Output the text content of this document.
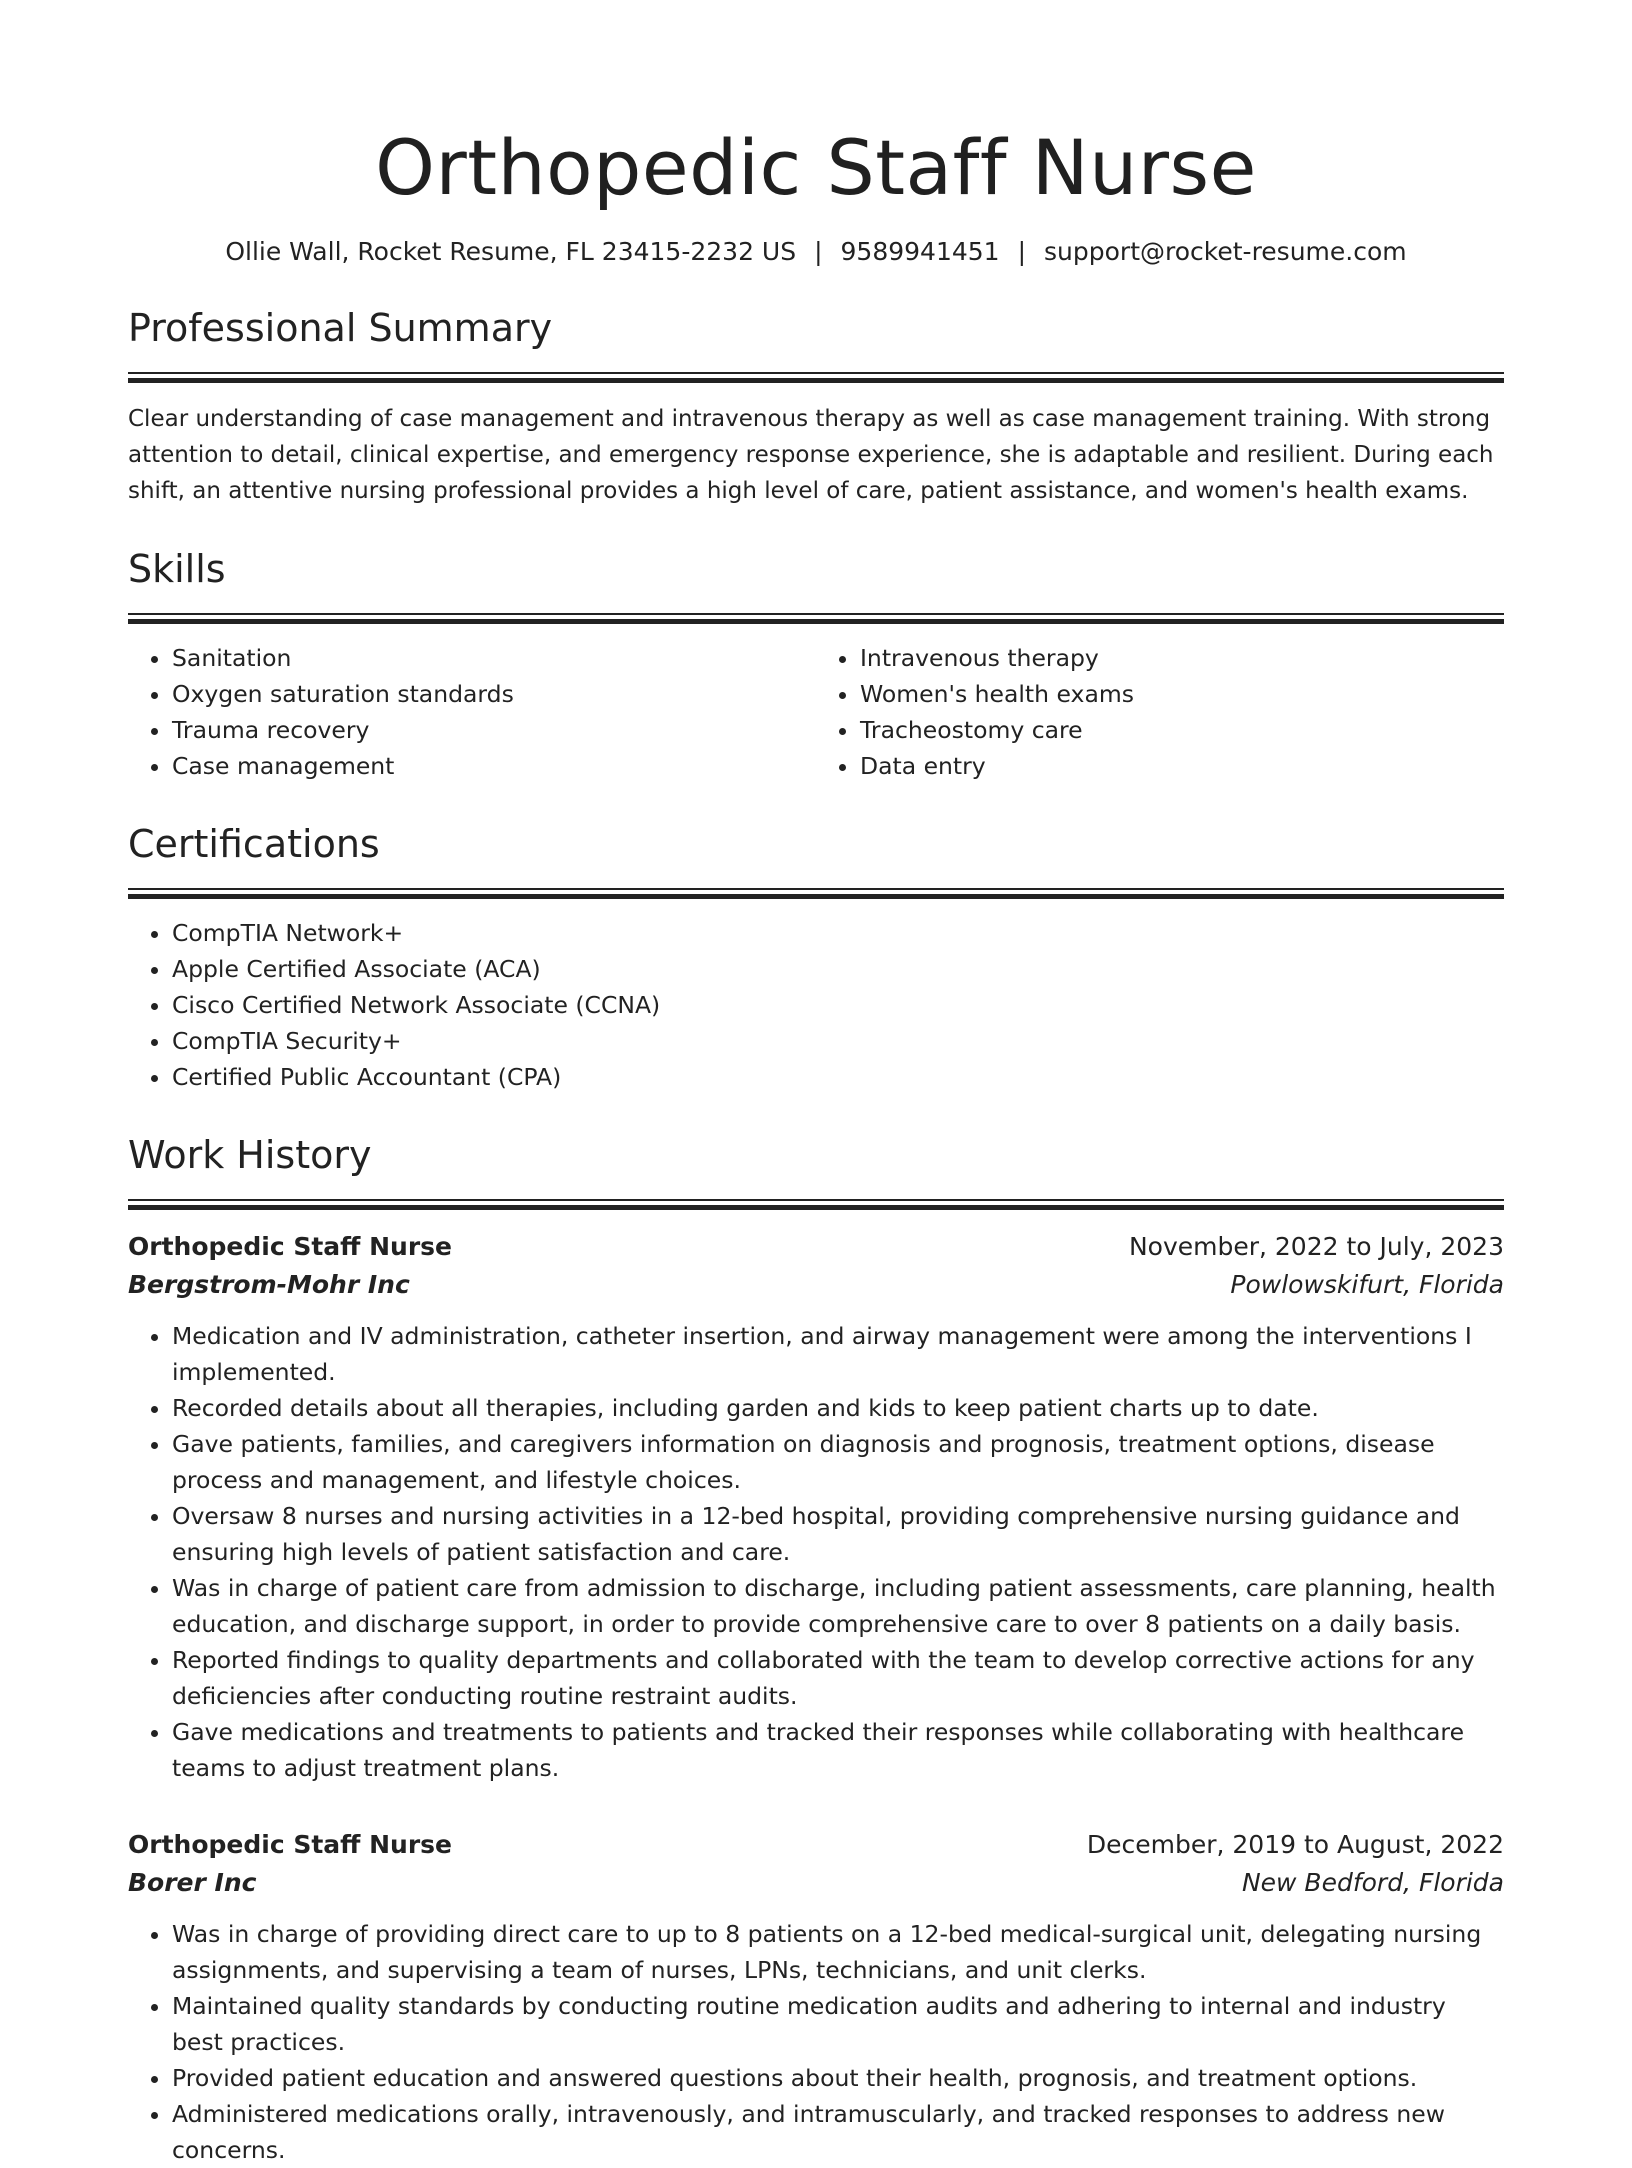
Orthopedic Staff Nurse
Ollie Wall, Rocket Resume, FL 23415-2232 US | 9589941451 | support@rocket-resume.com
Professional Summary

Clear understanding of case management and intravenous therapy as well as case management training. With strong attention to detail, clinical expertise, and emergency response experience, she is adaptable and resilient. During each shift, an attentive nursing professional provides a high level of care, patient assistance, and women's health exams.

Skills
• Sanitation
• Oxygen saturation standards
• Trauma recovery
• Case management
• Intravenous therapy
• Women's health exams
• Tracheostomy care
• Data entry
Certifications
• CompTIA Network+
• Apple Certified Associate (ACA)
• Cisco Certified Network Associate (CCNA)
• CompTIA Security+
• Certified Public Accountant (CPA)
Work History
Orthopedic Staff Nurse	November, 2022 to July, 2023
Bergstrom-Mohr Inc	Powlowskifurt, Florida
• Medication and IV administration, catheter insertion, and airway management were among the interventions I implemented.
• Recorded details about all therapies, including garden and kids to keep patient charts up to date.
• Gave patients, families, and caregivers information on diagnosis and prognosis, treatment options, disease process and management, and lifestyle choices.
• Oversaw 8 nurses and nursing activities in a 12-bed hospital, providing comprehensive nursing guidance and ensuring high levels of patient satisfaction and care.
• Was in charge of patient care from admission to discharge, including patient assessments, care planning, health education, and discharge support, in order to provide comprehensive care to over 8 patients on a daily basis.
• Reported findings to quality departments and collaborated with the team to develop corrective actions for any deficiencies after conducting routine restraint audits.
• Gave medications and treatments to patients and tracked their responses while collaborating with healthcare teams to adjust treatment plans.
Orthopedic Staff Nurse	December, 2019 to August, 2022
Borer Inc	New Bedford, Florida
• Was in charge of providing direct care to up to 8 patients on a 12-bed medical-surgical unit, delegating nursing assignments, and supervising a team of nurses, LPNs, technicians, and unit clerks.
• Maintained quality standards by conducting routine medication audits and adhering to internal and industry best practices.
• Provided patient education and answered questions about their health, prognosis, and treatment options.
• Administered medications orally, intravenously, and intramuscularly, and tracked responses to address new concerns.
